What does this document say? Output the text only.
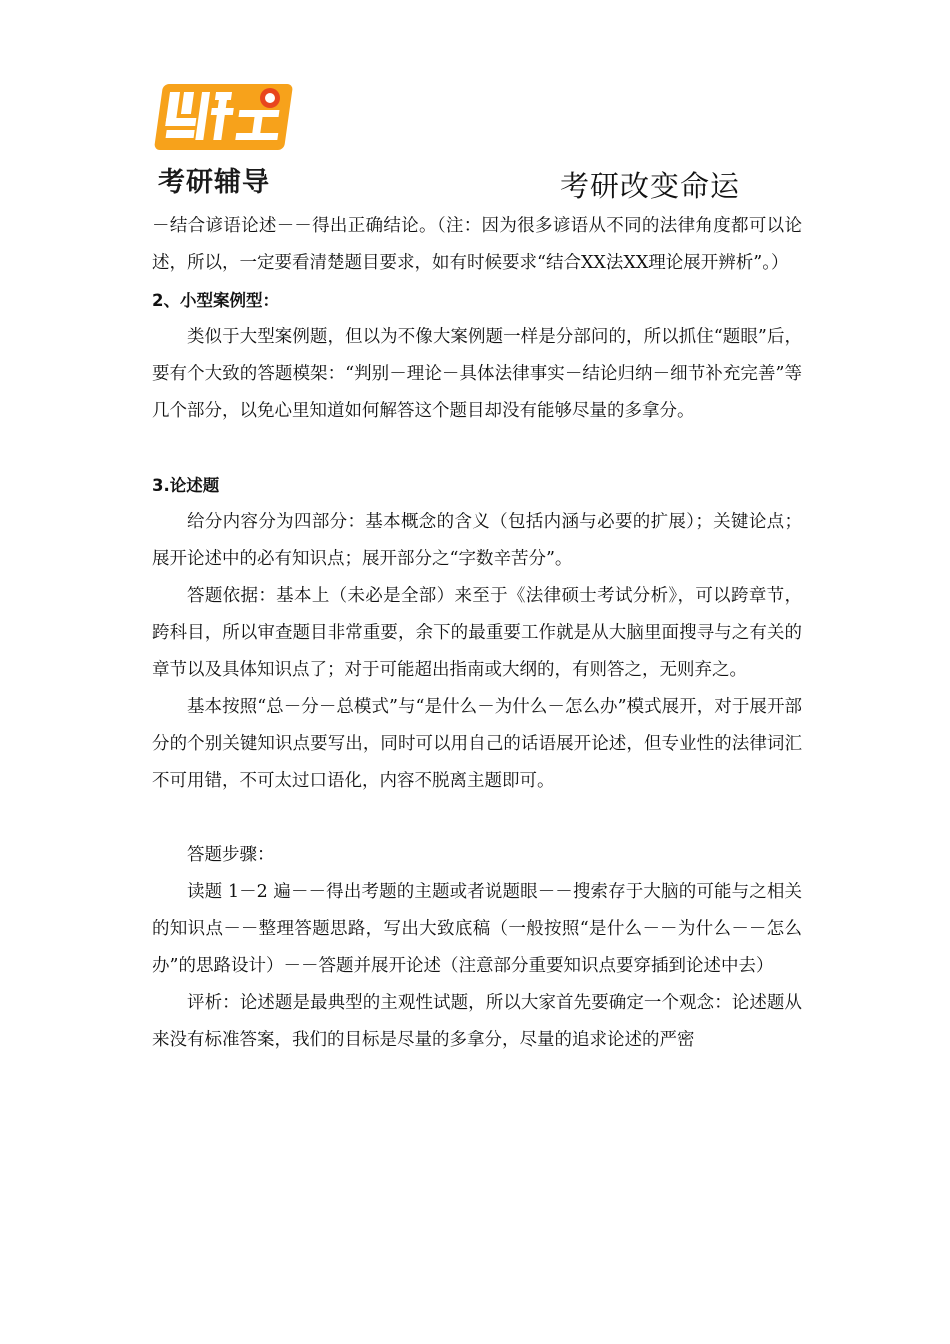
凯程
考研辅导	考研改变命运

－结合谚语论述－－得出正确结论。（注：因为很多谚语从不同的法律角度都可以论述，所以，一定要看清楚题目要求，如有时候要求“结合XX法XX理论展开辨析”。）

2、小型案例型：

类似于大型案例题，但以为不像大案例题一样是分部问的，所以抓住“题眼”后，要有个大致的答题模架：“判别－理论－具体法律事实－结论归纳－细节补充完善”等几个部分，以免心里知道如何解答这个题目却没有能够尽量的多拿分。

3.论述题

给分内容分为四部分：基本概念的含义（包括内涵与必要的扩展）；关键论点；展开论述中的必有知识点；展开部分之“字数辛苦分”。

答题依据：基本上（未必是全部）来至于《法律硕士考试分析》，可以跨章节，跨科目，所以审查题目非常重要，余下的最重要工作就是从大脑里面搜寻与之有关的章节以及具体知识点了；对于可能超出指南或大纲的，有则答之，无则弃之。

基本按照“总－分－总模式”与“是什么－为什么－怎么办”模式展开，对于展开部分的个别关键知识点要写出，同时可以用自己的话语展开论述，但专业性的法律词汇不可用错，不可太过口语化，内容不脱离主题即可。

答题步骤：

读题 1－2 遍－－得出考题的主题或者说题眼－－搜索存于大脑的可能与之相关的知识点－－整理答题思路，写出大致底稿（一般按照“是什么－－为什么－－怎么办”的思路设计）－－答题并展开论述（注意部分重要知识点要穿插到论述中去）

评析：论述题是最典型的主观性试题，所以大家首先要确定一个观念：论述题从来没有标准答案，我们的目标是尽量的多拿分，尽量的追求论述的严密
